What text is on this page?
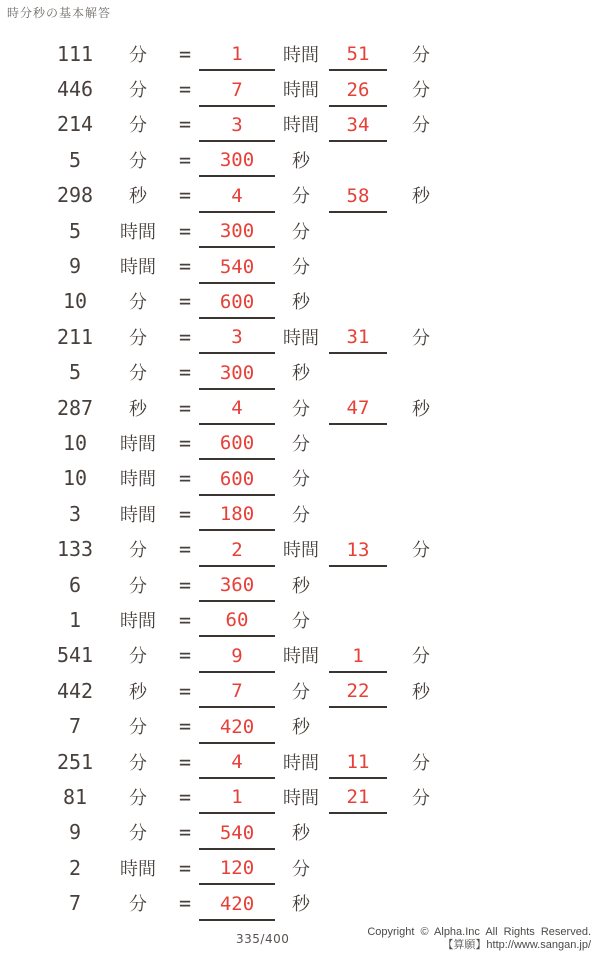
時分秒の基本解答
111	分	=	1	時間	51	分
446	分	=	7	時間	26	分
214	分	=	3	時間	34	分
5	分	=	300	秒
298	秒	=	4	分	58	秒
5	時間	=	300	分
9	時間	=	540	分
10	分	=	600	秒
211	分	=	3	時間	31	分
5	分	=	300	秒
287	秒	=	4	分	47	秒
10	時間	=	600	分
10	時間	=	600	分
3	時間	=	180	分
133	分	=	2	時間	13	分
6	分	=	360	秒
1	時間	=	60	分
541	分	=	9	時間	1	分
442	秒	=	7	分	22	秒
7	分	=	420	秒
251	分	=	4	時間	11	分
81	分	=	1	時間	21	分
9	分	=	540	秒
2	時間	=	120	分
7	分	=	420	秒
335/400	Copyright © Alpha.Inc All Rights Reserved.
【算願】http://www.sangan.jp/
